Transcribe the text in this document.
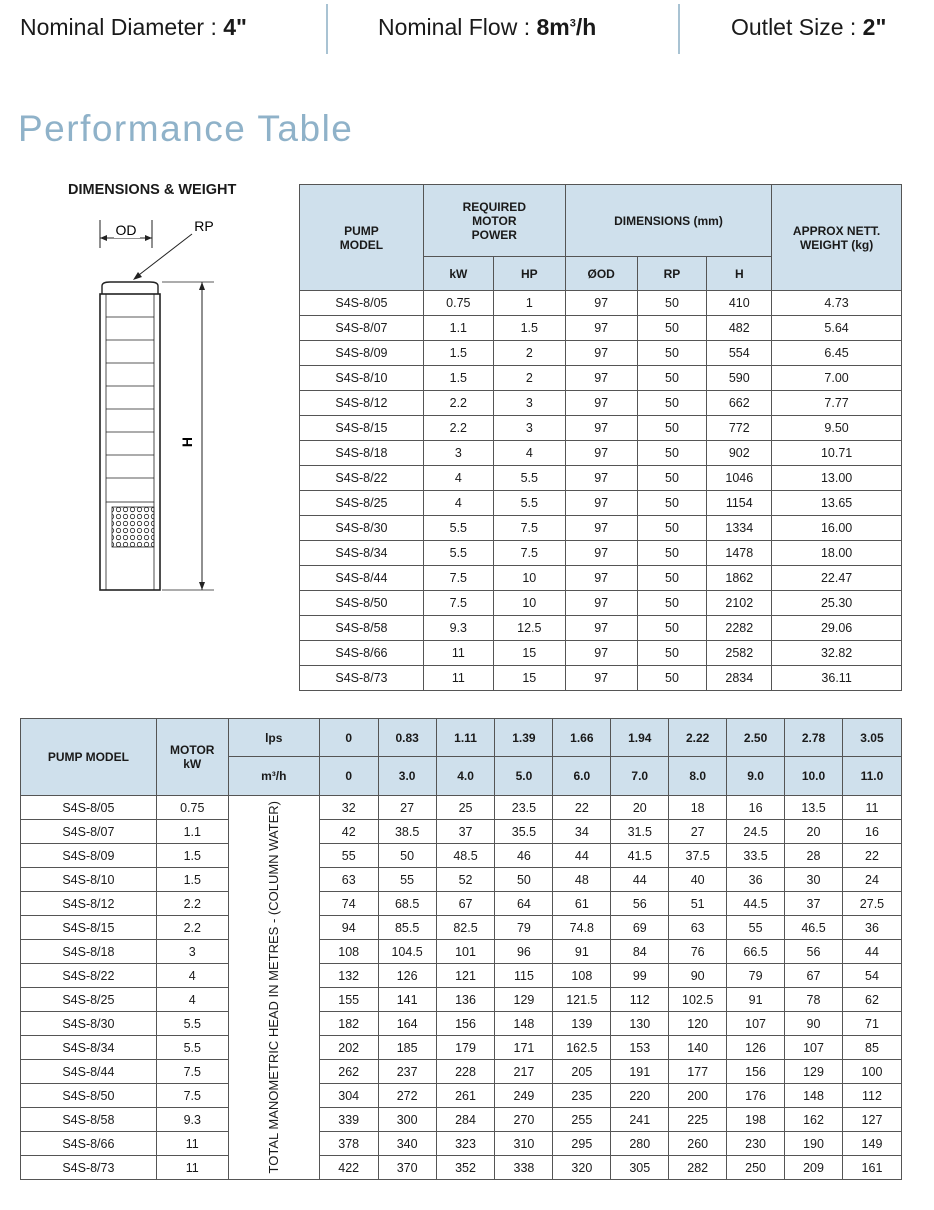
Nominal Diameter : 4"	Nominal Flow : $8m^3/h$	Outlet Size : 2"
Performance Table
DIMENSIONS & WEIGHT
OD	RP
H
PUMP MODEL	REQUIRED MOTOR POWER		DIMENSIONS (mm)			APPROX NETT. WEIGHT (kg)
	kW	HP	ØOD	RP	H	
S4S-8/05	0.75	1	97	50	410	4.73
S4S-8/07	1.1	1.5	97	50	482	5.64
S4S-8/09	1.5	2	97	50	554	6.45
S4S-8/10	1.5	2	97	50	590	7.00
S4S-8/12	2.2	3	97	50	662	7.77
S4S-8/15	2.2	3	97	50	772	9.50
S4S-8/18	3	4	97	50	902	10.71
S4S-8/22	4	5.5	97	50	1046	13.00
S4S-8/25	4	5.5	97	50	1154	13.65
S4S-8/30	5.5	7.5	97	50	1334	16.00
S4S-8/34	5.5	7.5	97	50	1478	18.00
S4S-8/44	7.5	10	97	50	1862	22.47
S4S-8/50	7.5	10	97	50	2102	25.30
S4S-8/58	9.3	12.5	97	50	2282	29.06
S4S-8/66	11	15	97	50	2582	32.82
S4S-8/73	11	15	97	50	2834	36.11
PUMP MODEL	MOTOR kW	lps	0	0.83	1.11	1.39	1.66	1.94	2.22	2.50	2.78	3.05
		m³/h	0	3.0	4.0	5.0	6.0	7.0	8.0	9.0	10.0	11.0
S4S-8/05	0.75	TOTAL MANOMETRIC HEAD IN METRES - (COLUMN WATER)	32	27	25	23.5	22	20	18	16	13.5	11
S4S-8/07	1.1		42	38.5	37	35.5	34	31.5	27	24.5	20	16
S4S-8/09	1.5		55	50	48.5	46	44	41.5	37.5	33.5	28	22
S4S-8/10	1.5		63	55	52	50	48	44	40	36	30	24
S4S-8/12	2.2		74	68.5	67	64	61	56	51	44.5	37	27.5
S4S-8/15	2.2		94	85.5	82.5	79	74.8	69	63	55	46.5	36
S4S-8/18	3		108	104.5	101	96	91	84	76	66.5	56	44
S4S-8/22	4		132	126	121	115	108	99	90	79	67	54
S4S-8/25	4		155	141	136	129	121.5	112	102.5	91	78	62
S4S-8/30	5.5		182	164	156	148	139	130	120	107	90	71
S4S-8/34	5.5		202	185	179	171	162.5	153	140	126	107	85
S4S-8/44	7.5		262	237	228	217	205	191	177	156	129	100
S4S-8/50	7.5		304	272	261	249	235	220	200	176	148	112
S4S-8/58	9.3		339	300	284	270	255	241	225	198	162	127
S4S-8/66	11		378	340	323	310	295	280	260	230	190	149
S4S-8/73	11		422	370	352	338	320	305	282	250	209	161
